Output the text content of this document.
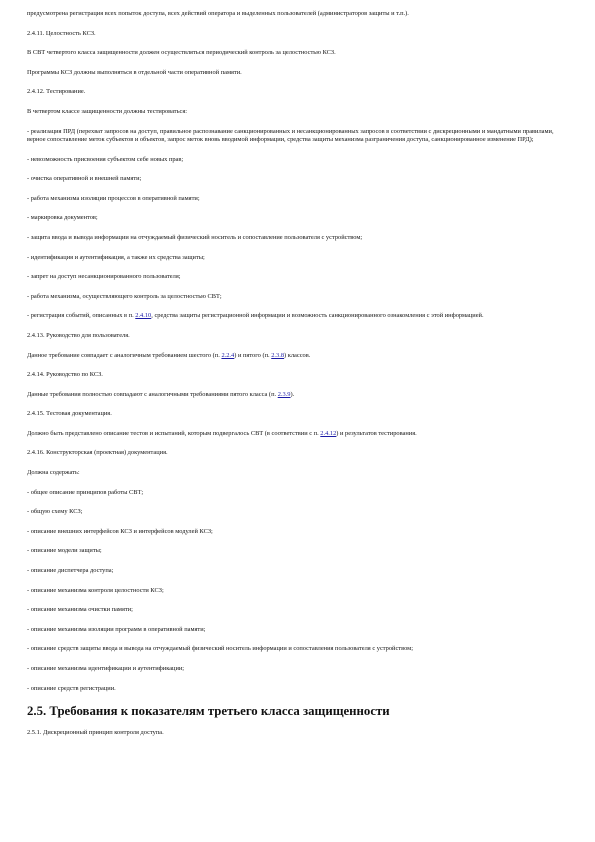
предусмотрена регистрация всех попыток доступа, всех действий оператора и выделенных пользователей (администраторов защиты и т.п.).

2.4.11. Целостность КСЗ.

В СВТ четвертого класса защищенности должен осуществляться периодический контроль за целостностью КСЗ.

Программы КСЗ должны выполняться в отдельной части оперативной памяти.

2.4.12. Тестирование.

В четвертом классе защищенности должны тестироваться:

- реализация ПРД (перехват запросов на доступ, правильное распознавание санкционированных и несанкционированных запросов в соответствии с дискреционными и мандатными правилами, верное сопоставление меток субъектов и объектов, запрос меток вновь вводимой информации, средства защиты механизма разграничения доступа, санкционированное изменение ПРД);

- невозможность присвоения субъектом себе новых прав;

- очистка оперативной и внешней памяти;

- работа механизма изоляции процессов в оперативной памяти;

- маркировка документов;

- защита ввода и вывода информации на отчуждаемый физический носитель и сопоставление пользователя с устройством;

- идентификация и аутентификация, а также их средства защиты;

- запрет на доступ несанкционированного пользователя;

- работа механизма, осуществляющего контроль за целостностью СВТ;

- регистрация событий, описанных в п. 2.4.10, средства защиты регистрационной информации и возможность санкционированного ознакомления с этой информацией.

2.4.13. Руководство для пользователя.

Данное требование совпадает с аналогичным требованием шестого (п. 2.2.4) и пятого (п. 2.3.8) классов.

2.4.14. Руководство по КСЗ.

Данные требования полностью совпадают с аналогичными требованиями пятого класса (п. 2.3.9).

2.4.15. Тестовая документация.

Должно быть представлено описание тестов и испытаний, которым подвергалось СВТ (в соответствии с п. 2.4.12) и результатов тестирования.

2.4.16. Конструкторская (проектная) документация.

Должна содержать:

- общее описание принципов работы СВТ;

- общую схему КСЗ;

- описание внешних интерфейсов КСЗ и интерфейсов модулей КСЗ;

- описание модели защиты;

- описание диспетчера доступа;

- описание механизма контроля целостности КСЗ;

- описание механизма очистки памяти;

- описание механизма изоляции программ в оперативной памяти;

- описание средств защиты ввода и вывода на отчуждаемый физический носитель информации и сопоставления пользователя с устройством;

- описание механизма идентификации и аутентификации;

- описание средств регистрации.

2.5. Требования к показателям третьего класса защищенности

2.5.1. Дискреционный принцип контроля доступа.
